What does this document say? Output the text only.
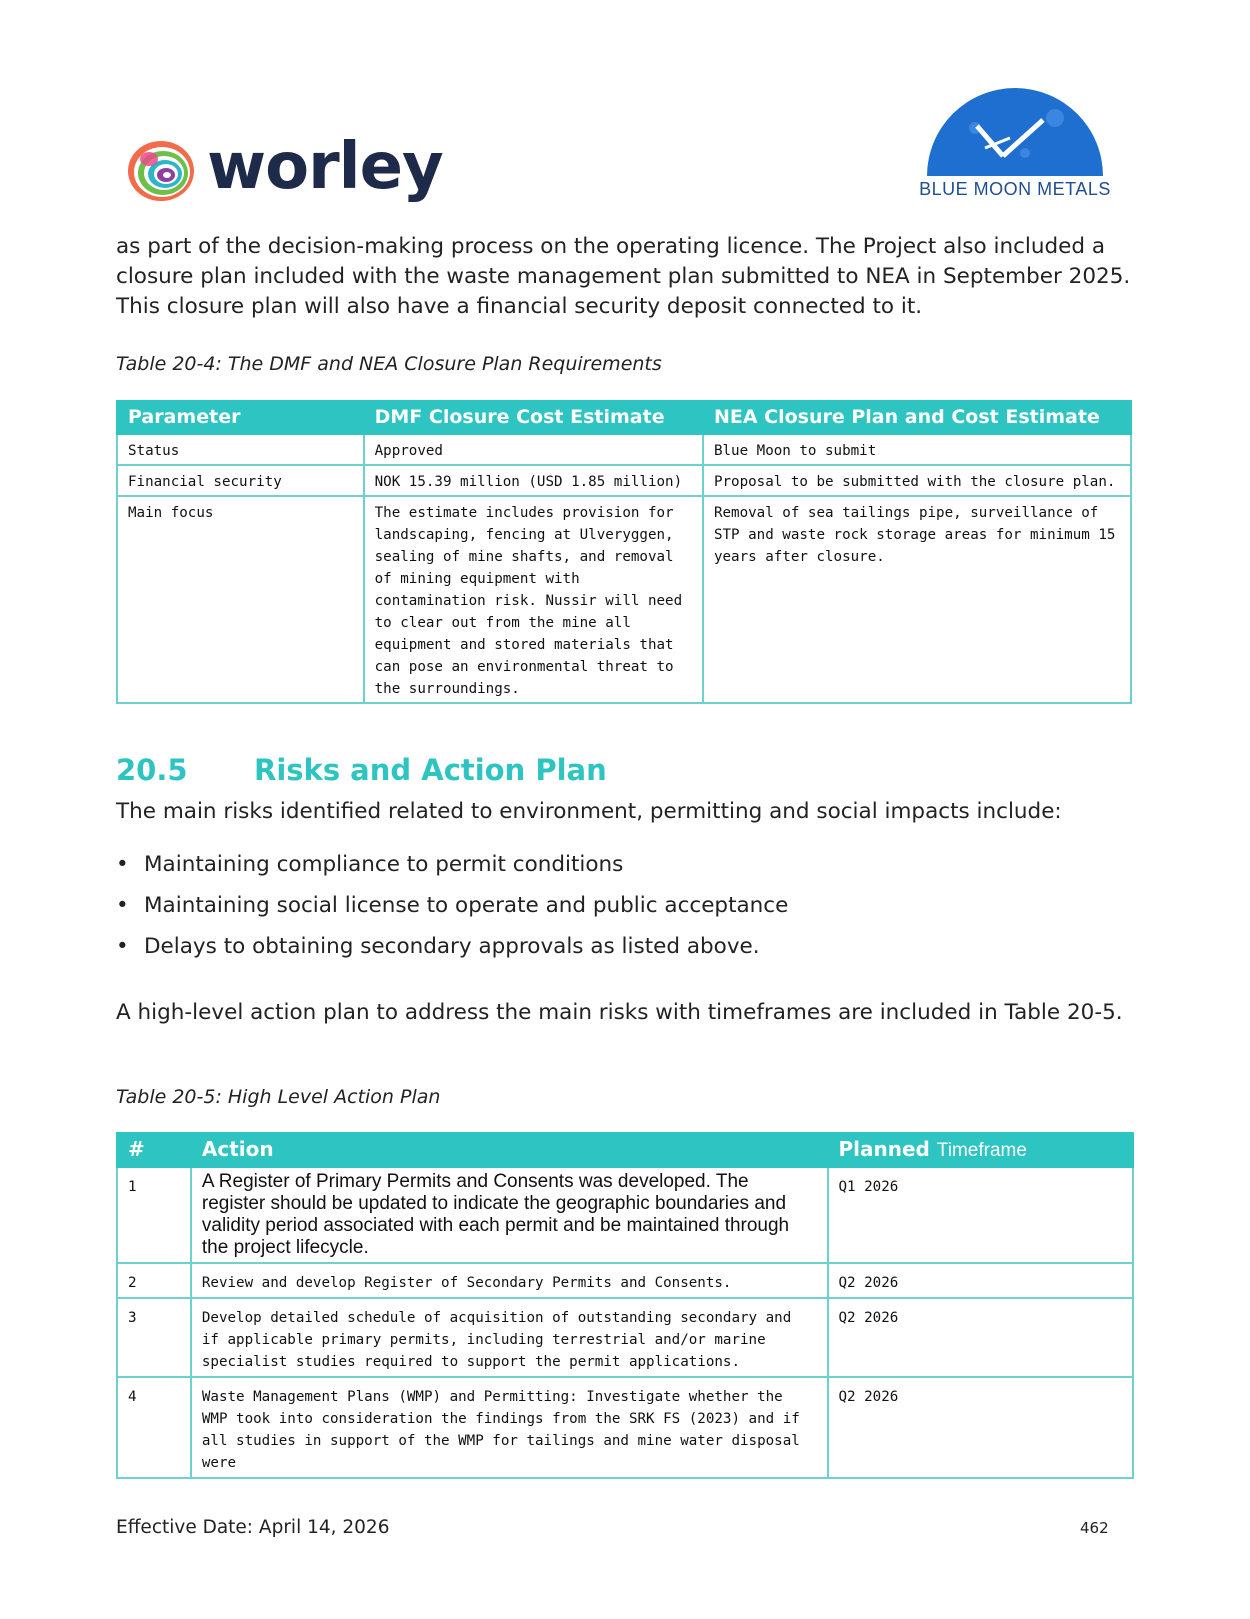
worley	BLUE MOON METALS
as part of the decision-making process on the operating licence. The Project also included a closure plan included with the waste management plan submitted to NEA in September 2025. This closure plan will also have a financial security deposit connected to it.
Table 20-4: The DMF and NEA Closure Plan Requirements
Parameter	DMF Closure Cost Estimate	NEA Closure Plan and Cost Estimate
Status	Approved	Blue Moon to submit
Financial security	NOK 15.39 million (USD 1.85 million)	Proposal to be submitted with the closure plan.
Main focus	The estimate includes provision for landscaping, fencing at Ulveryggen, sealing of mine shafts, and removal of mining equipment with contamination risk. Nussir will need to clear out from the mine all equipment and stored materials that can pose an environmental threat to the surroundings.	Removal of sea tailings pipe, surveillance of STP and waste rock storage areas for minimum 15 years after closure.
20.5 Risks and Action Plan
The main risks identified related to environment, permitting and social impacts include:
• Maintaining compliance to permit conditions
• Maintaining social license to operate and public acceptance
• Delays to obtaining secondary approvals as listed above.
A high-level action plan to address the main risks with timeframes are included in Table 20-5.
Table 20-5: High Level Action Plan
#	Action	Planned Timeframe
1	A Register of Primary Permits and Consents was developed. The register should be updated to indicate the geographic boundaries and validity period associated with each permit and be maintained through the project lifecycle.	Q1 2026
2	Review and develop Register of Secondary Permits and Consents.	Q2 2026
3	Develop detailed schedule of acquisition of outstanding secondary and if applicable primary permits, including terrestrial and/or marine specialist studies required to support the permit applications.	Q2 2026
4	Waste Management Plans (WMP) and Permitting: Investigate whether the WMP took into consideration the findings from the SRK FS (2023) and if all studies in support of the WMP for tailings and mine water disposal were	Q2 2026
Effective Date: April 14, 2026	462
